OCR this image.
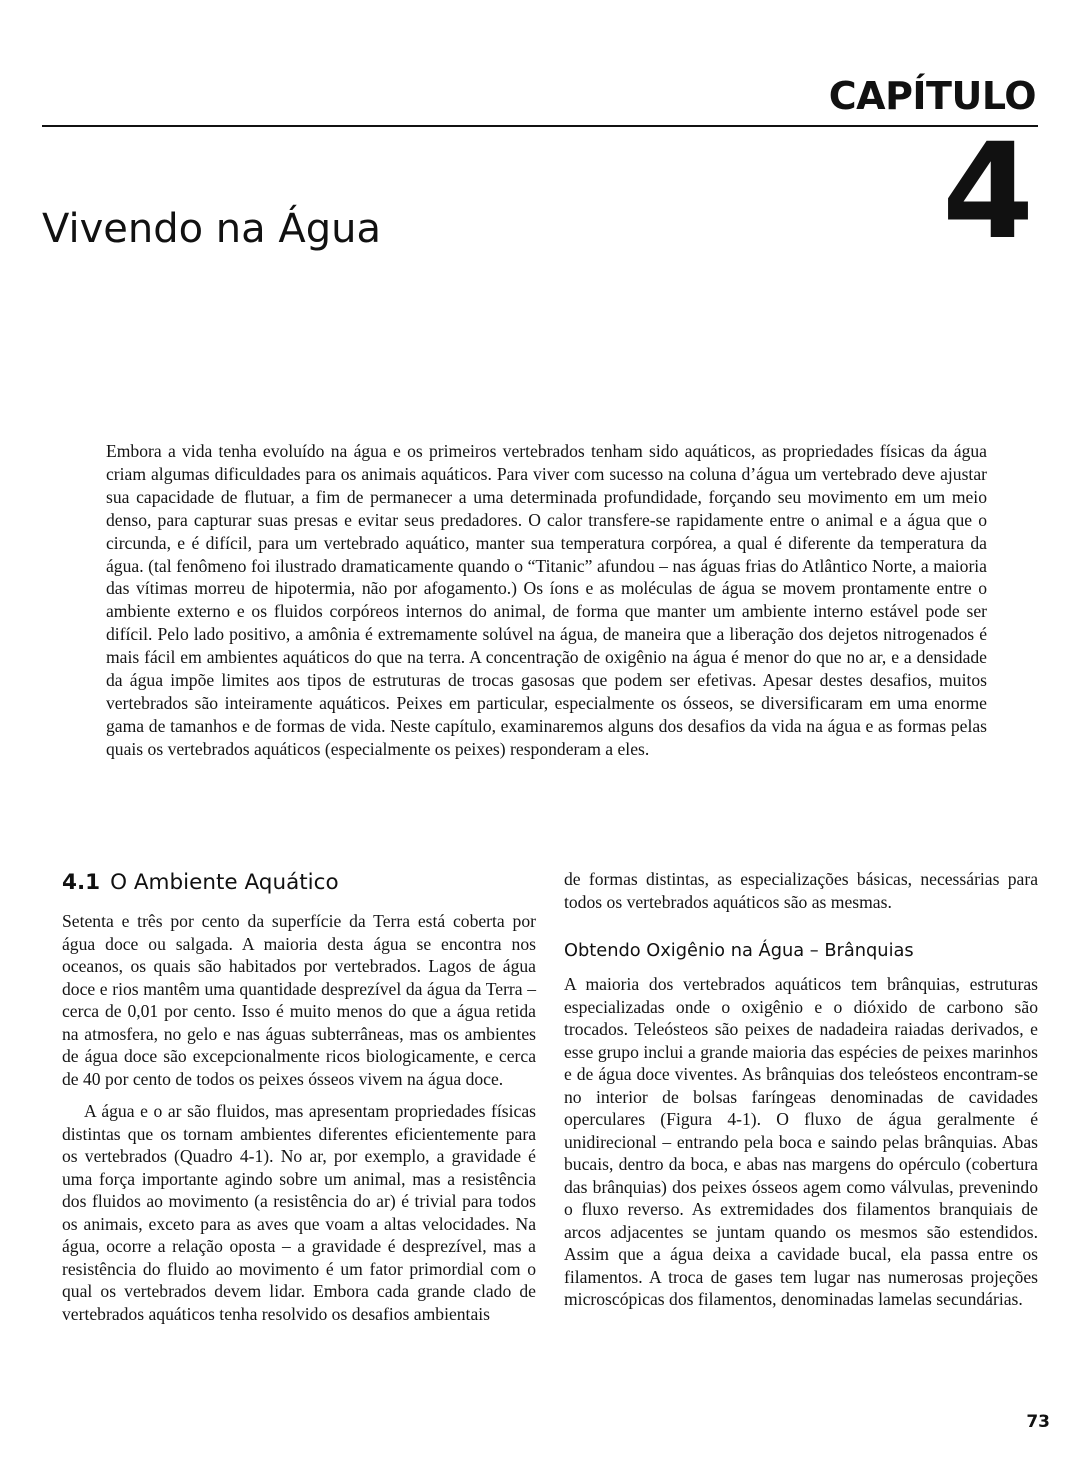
CAPÍTULO
4
Vivendo na Água

Embora a vida tenha evoluído na água e os primeiros vertebrados tenham sido aquáticos, as propriedades físicas da água criam algumas dificuldades para os animais aquáticos. Para viver com sucesso na coluna d’água um vertebrado deve ajustar sua capacidade de flutuar, a fim de permanecer a uma determinada profundidade, forçando seu movimento em um meio denso, para capturar suas presas e evitar seus predadores. O calor transfere-se rapidamente entre o animal e a água que o circunda, e é difícil, para um vertebrado aquático, manter sua temperatura corpórea, a qual é diferente da temperatura da água. (tal fenômeno foi ilustrado dramaticamente quando o “Titanic” afundou – nas águas frias do Atlântico Norte, a maioria das vítimas morreu de hipotermia, não por afogamento.) Os íons e as moléculas de água se movem prontamente entre o ambiente externo e os fluidos corpóreos internos do animal, de forma que manter um ambiente interno estável pode ser difícil. Pelo lado positivo, a amônia é extremamente solúvel na água, de maneira que a liberação dos dejetos nitrogenados é mais fácil em ambientes aquáticos do que na terra. A concentração de oxigênio na água é menor do que no ar, e a densidade da água impõe limites aos tipos de estruturas de trocas gasosas que podem ser efetivas. Apesar destes desafios, muitos vertebrados são inteiramente aquáticos. Peixes em particular, especialmente os ósseos, se diversificaram em uma enorme gama de tamanhos e de formas de vida. Neste capítulo, examinaremos alguns dos desafios da vida na água e as formas pelas quais os vertebrados aquáticos (especialmente os peixes) responderam a eles.

4.1 O Ambiente Aquático

Setenta e três por cento da superfície da Terra está coberta por água doce ou salgada. A maioria desta água se encontra nos oceanos, os quais são habitados por vertebrados. Lagos de água doce e rios mantêm uma quantidade desprezível da água da Terra – cerca de 0,01 por cento. Isso é muito menos do que a água retida na atmosfera, no gelo e nas águas subterrâneas, mas os ambientes de água doce são excepcionalmente ricos biologicamente, e cerca de 40 por cento de todos os peixes ósseos vivem na água doce.

A água e o ar são fluidos, mas apresentam propriedades físicas distintas que os tornam ambientes diferentes eficientemente para os vertebrados (Quadro 4-1). No ar, por exemplo, a gravidade é uma força importante agindo sobre um animal, mas a resistência dos fluidos ao movimento (a resistência do ar) é trivial para todos os animais, exceto para as aves que voam a altas velocidades. Na água, ocorre a relação oposta – a gravidade é desprezível, mas a resistência do fluido ao movimento é um fator primordial com o qual os vertebrados devem lidar. Embora cada grande clado de vertebrados aquáticos tenha resolvido os desafios ambientais

de formas distintas, as especializações básicas, necessárias para todos os vertebrados aquáticos são as mesmas.

Obtendo Oxigênio na Água – Brânquias

A maioria dos vertebrados aquáticos tem brânquias, estruturas especializadas onde o oxigênio e o dióxido de carbono são trocados. Teleósteos são peixes de nadadeira raiadas derivados, e esse grupo inclui a grande maioria das espécies de peixes marinhos e de água doce viventes. As brânquias dos teleósteos encontram-se no interior de bolsas faríngeas denominadas de cavidades operculares (Figura 4-1). O fluxo de água geralmente é unidirecional – entrando pela boca e saindo pelas brânquias. Abas bucais, dentro da boca, e abas nas margens do opérculo (cobertura das brânquias) dos peixes ósseos agem como válvulas, prevenindo o fluxo reverso. As extremidades dos filamentos branquiais de arcos adjacentes se juntam quando os mesmos são estendidos. Assim que a água deixa a cavidade bucal, ela passa entre os filamentos. A troca de gases tem lugar nas numerosas projeções microscópicas dos filamentos, denominadas lamelas secundárias.

73
